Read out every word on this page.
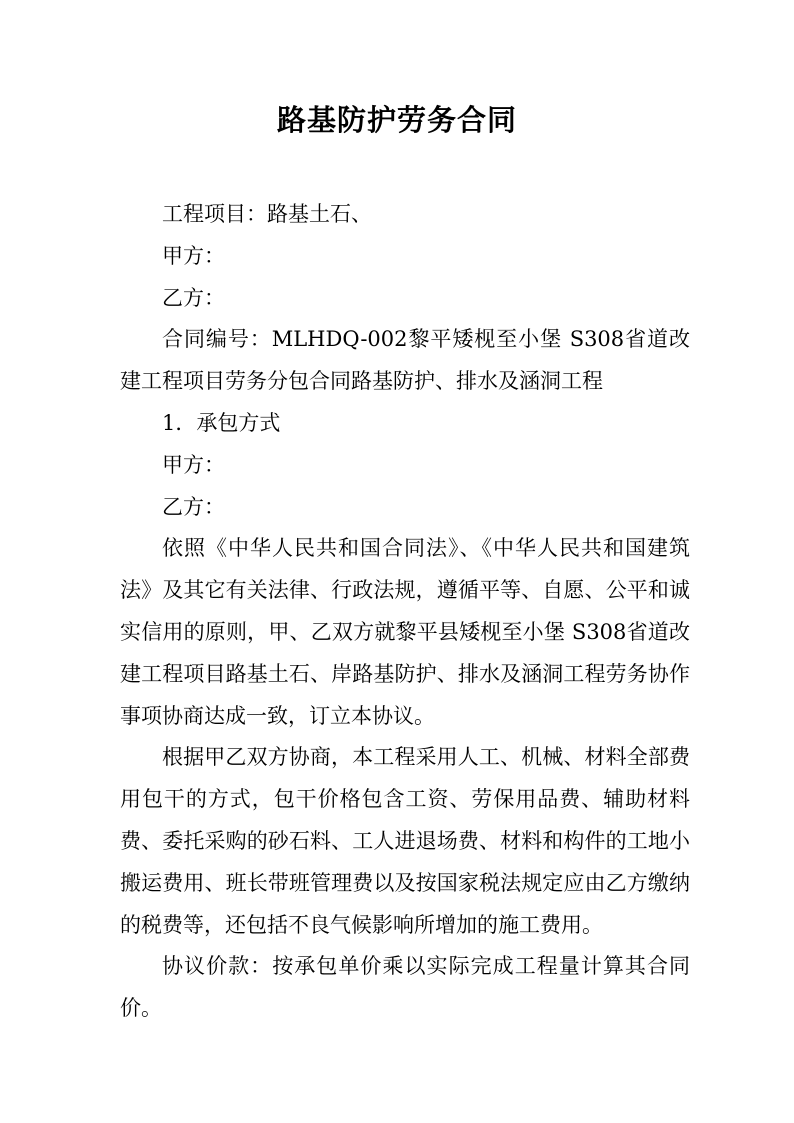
路基防护劳务合同

工程项目：路基土石、

甲方：

乙方：

合同编号：MLHDQ-002黎平矮枧至小堡 S308省道改建工程项目劳务分包合同路基防护、排水及涵洞工程

1．承包方式

甲方：

乙方：

依照《中华人民共和国合同法》、《中华人民共和国建筑法》及其它有关法律、行政法规，遵循平等、自愿、公平和诚实信用的原则，甲、乙双方就黎平县矮枧至小堡 S308省道改建工程项目路基土石、岸路基防护、排水及涵洞工程劳务协作事项协商达成一致，订立本协议。

根据甲乙双方协商，本工程采用人工、机械、材料全部费用包干的方式，包干价格包含工资、劳保用品费、辅助材料费、委托采购的砂石料、工人进退场费、材料和构件的工地小搬运费用、班长带班管理费以及按国家税法规定应由乙方缴纳的税费等，还包括不良气候影响所增加的施工费用。

协议价款：按承包单价乘以实际完成工程量计算其合同价。
